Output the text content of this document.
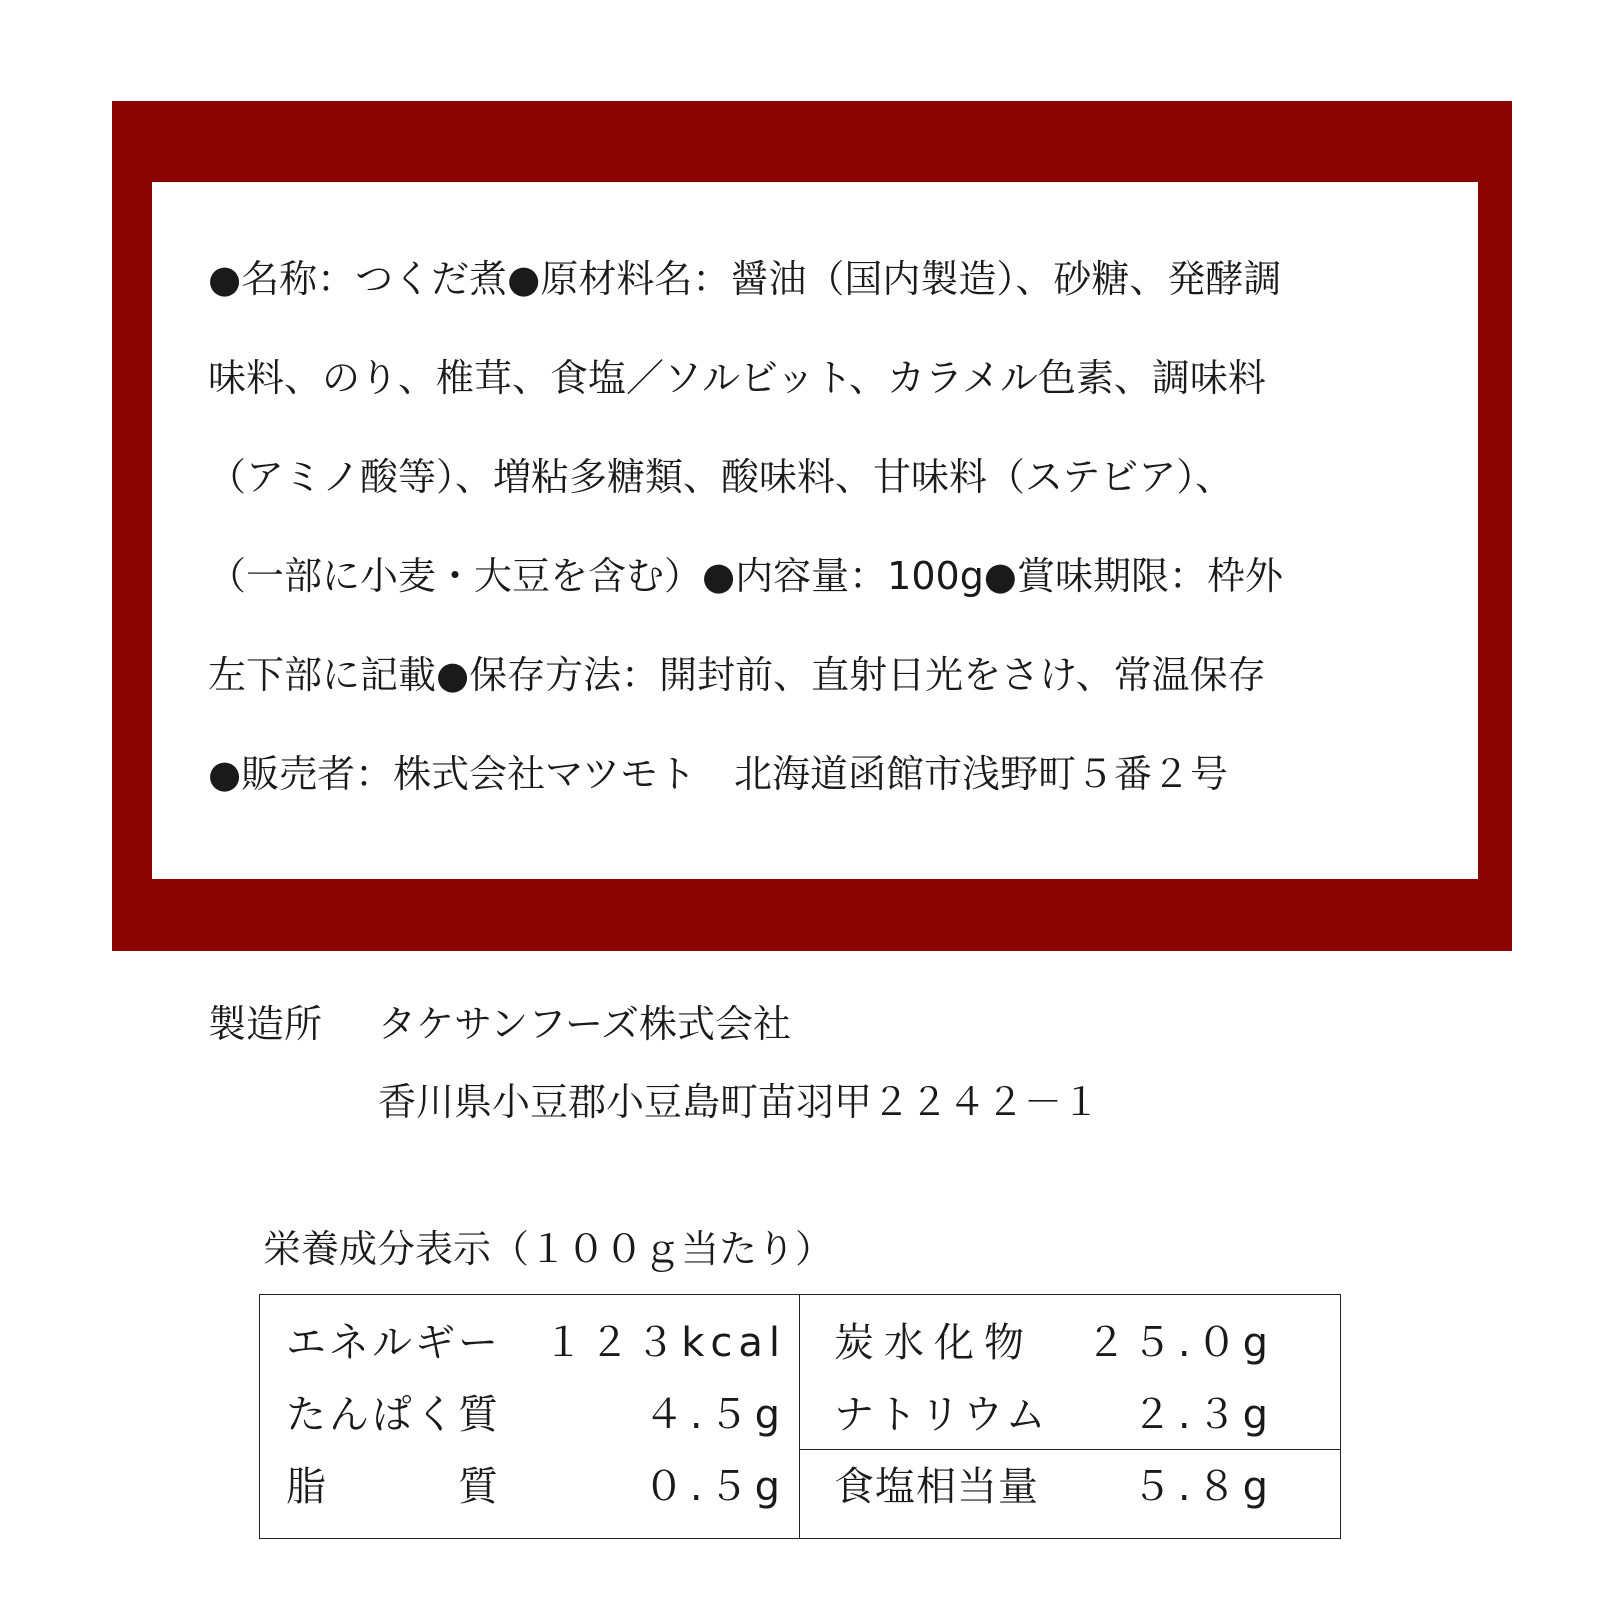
●名称：つくだ煮●原材料名：醤油（国内製造）、砂糖、発酵調
味料、のり、椎茸、食塩／ソルビット、カラメル色素、調味料
（アミノ酸等）、増粘多糖類、酸味料、甘味料（ステビア）、
（一部に小麦・大豆を含む）●内容量：100g●賞味期限：枠外
左下部に記載●保存方法：開封前、直射日光をさけ、常温保存
●販売者：株式会社マツモト　北海道函館市浅野町５番２号
製造所 タケサンフーズ株式会社
香川県小豆郡小豆島町苗羽甲２２４２－１
栄養成分表示（１００ｇ当たり）
エネルギー １２３kcal
たんぱく質	４.５g
脂　　　質	０.５g
炭水化物 ２５.０g
ナトリウム ２.３g
食塩相当量 ５.８g
